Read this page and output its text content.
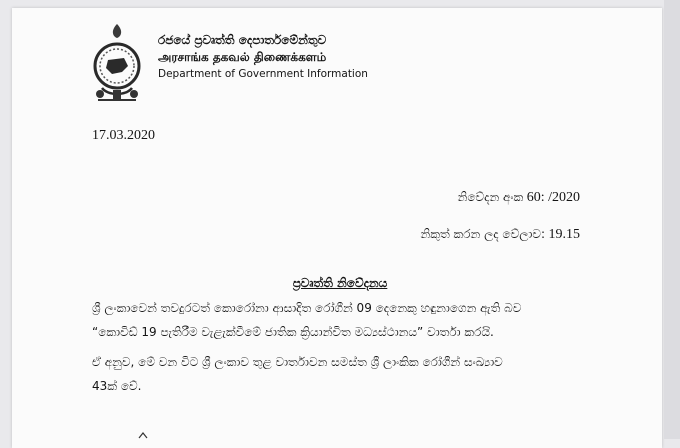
රජයේ ප්‍රවෘත්ති දෙපාර්තමේන්තුව
அரசாங்க தகவல் திணைக்களம்
Department of Government Information
17.03.2020
නිවේදන අංක 60: /2020
නිකුත් කරන ලද වේලාව: 19.15
ප්‍රවෘත්ති නිවේදනය
ශ්‍රී ලංකාවෙන් තවදුරටත් කොරෝනා ආසාදිත රෝගීන් 09 දෙනෙකු හඳුනාගෙන ඇති බව
“කොවිඩ් 19 පැතිරීම වැළැක්වීමේ ජාතික ක්‍රියාන්විත මධ්‍යස්ථානය” වාර්තා කරයි.
ඒ අනුව, මේ වන විට ශ්‍රී ලංකාව තුළ වාර්තාවන සමස්ත ශ්‍රී ලාංකික රෝගීන් සංඛ්‍යාව
43ක් වේ.
